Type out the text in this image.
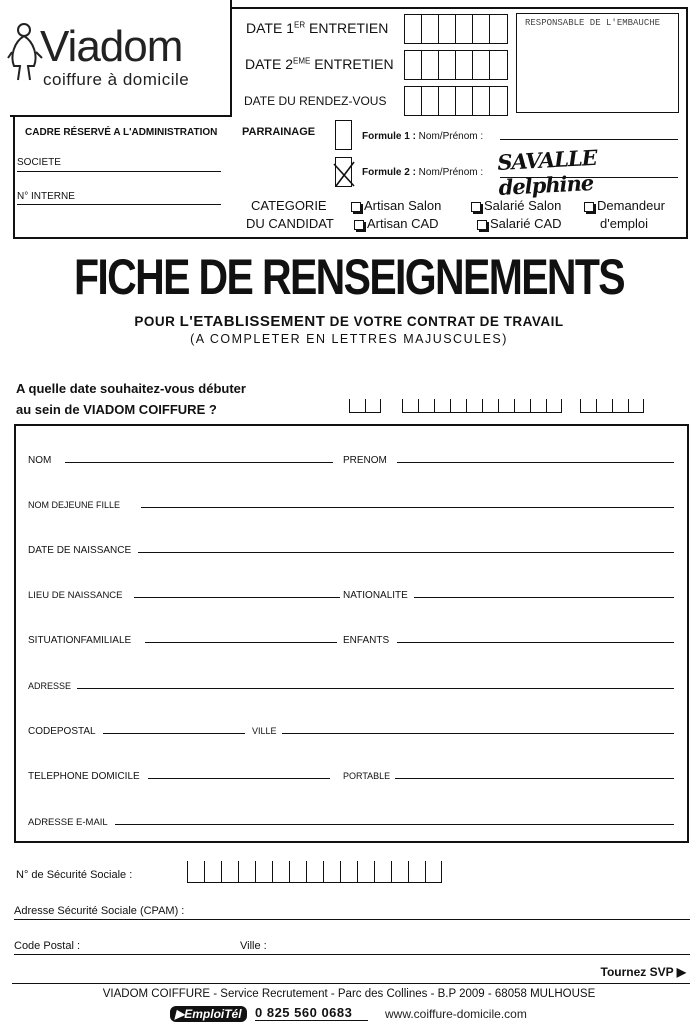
Viadom
coiffure à domicile
DATE 1ER ENTRETIEN
DATE 2EME ENTRETIEN
DATE DU RENDEZ-VOUS
RESPONSABLE DE L'EMBAUCHE
CADRE RÉSERVÉ A L'ADMINISTRATION
SOCIETE
N° INTERNE
PARRAINAGE	Formule 1 : Nom/Prénom :
Formule 2 : Nom/Prénom : SAVALLE delphine
CATEGORIE
DU CANDIDAT
Artisan Salon	Salarié Salon	Demandeur
Artisan CAD	Salarié CAD	d'emploi
FICHE DE RENSEIGNEMENTS
POUR L'ETABLISSEMENT DE VOTRE CONTRAT DE TRAVAIL
(A COMPLETER EN LETTRES MAJUSCULES)
A quelle date souhaitez-vous débuter
au sein de VIADOM COIFFURE ?
NOM	PRENOM
NOM DEJEUNE FILLE
DATE DE NAISSANCE
LIEU DE NAISSANCE	NATIONALITE
SITUATIONFAMILIALE	ENFANTS
ADRESSE
CODEPOSTAL	VILLE
TELEPHONE DOMICILE	PORTABLE
ADRESSE E-MAIL
N° de Sécurité Sociale :
Adresse Sécurité Sociale (CPAM) :
Code Postal :	Ville :
Tournez SVP ▶
VIADOM COIFFURE - Service Recrutement - Parc des Collines - B.P 2009 - 68058 MULHOUSE
▶EmploiTél	0 825 560 0683	www.coiffure-domicile.com
